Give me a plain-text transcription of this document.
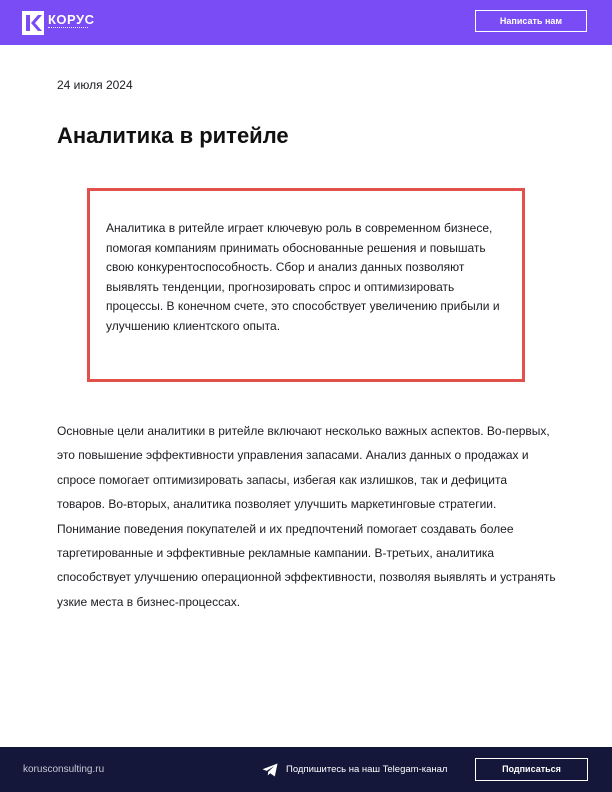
КОРУС	Написать нам
24 июля 2024
Аналитика в ритейле

Аналитика в ритейле играет ключевую роль в современном бизнесе, помогая компаниям принимать обоснованные решения и повышать свою конкурентоспособность. Сбор и анализ данных позволяют выявлять тенденции, прогнозировать спрос и оптимизировать процессы. В конечном счете, это способствует увеличению прибыли и улучшению клиентского опыта.

Основные цели аналитики в ритейле включают несколько важных аспектов. Во-первых, это повышение эффективности управления запасами. Анализ данных о продажах и спросе помогает оптимизировать запасы, избегая как излишков, так и дефицита товаров. Во-вторых, аналитика позволяет улучшить маркетинговые стратегии. Понимание поведения покупателей и их предпочтений помогает создавать более таргетированные и эффективные рекламные кампании. В-третьих, аналитика способствует улучшению операционной эффективности, позволяя выявлять и устранять узкие места в бизнес-процессах.

korusconsulting.ru	Подпишитесь на наш Telegam-канал	Подписаться
